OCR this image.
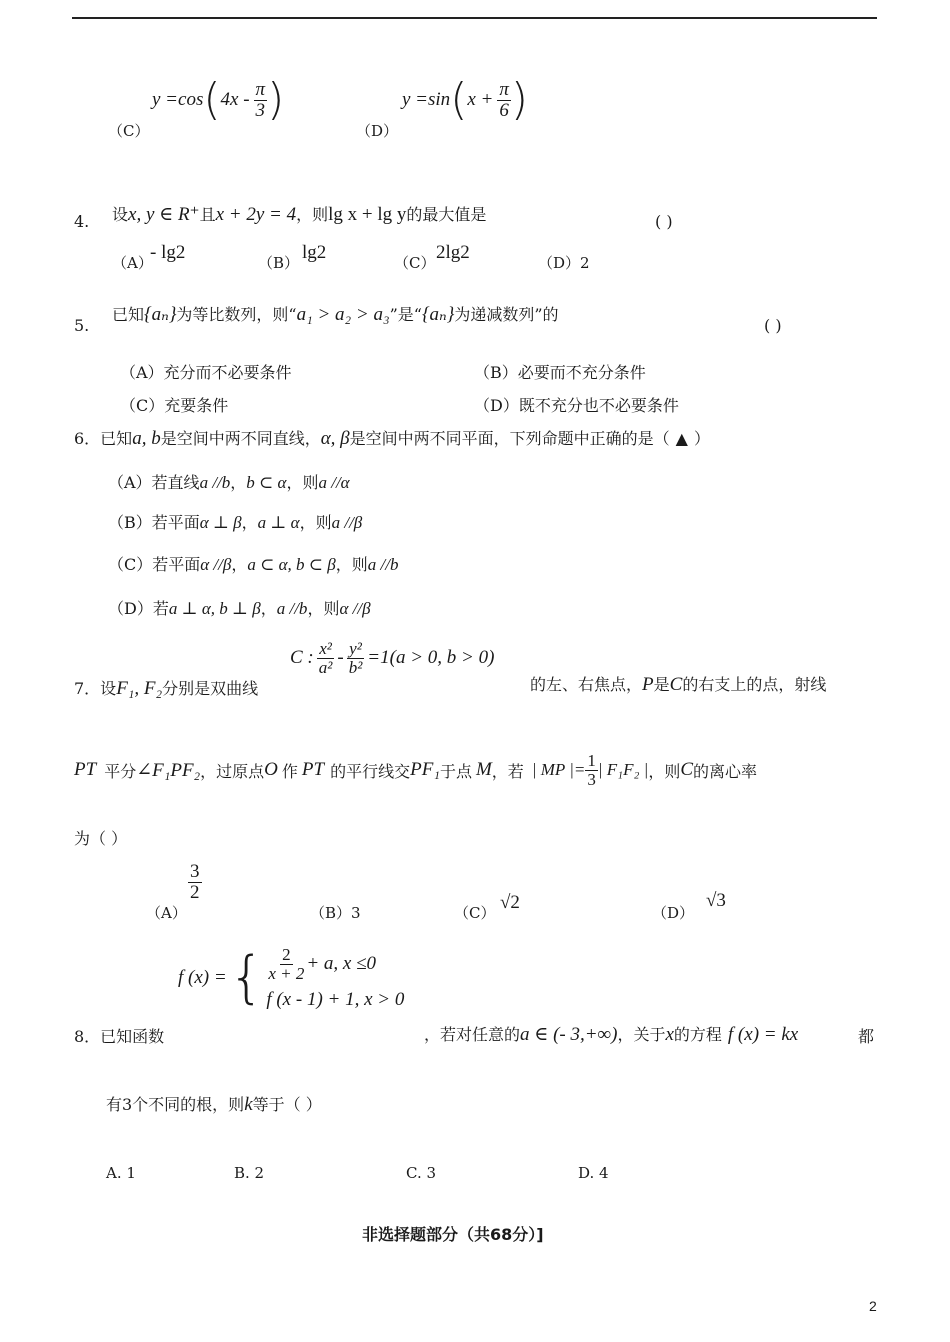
（C）
y =cos ( $4x - \frac{\pi}{3}$ )
（D）
y =sin ( $x + \frac{\pi}{6}$ )
4. 设 x, y ∈ R⁺ 且 x + 2y = 4 ，则 lg x + lg y 的最大值是	( )
（A）
- lg2	（B） lg2	（C） 2lg2	（D）2
5.
已知 {aₙ} 为等比数列，则“ a₁ > a₂ > a₃ ”是“ {aₙ} 为递减数列”的
( )
（A）充分而不必要条件	（B）必要而不充分条件
（C）充要条件	（D）既不充分也不必要条件
6．已知 a, b 是空间中两不同直线， α, β 是空间中两不同平面，下列命题中正确的是（ ▲ ）
（A）若直线 a //b ， b ⊂ α ，则 a //α
（B）若平面 α ⊥ β ， a ⊥ α ，则 a //β
（C）若平面 α //β ， a ⊂ α, b ⊂ β ，则 a //b
（D）若 a ⊥ α, b ⊥ β ， a //b ，则 α //β
7．设 F₁, F₂ 分别是双曲线
C : $\frac{\text{x²}}{\text{a²}} - \frac{\text{y²}}{\text{b²}} =1(a > 0$, b > 0)
的左、右焦点， P 是 C 的右支上的点，射线
PT 平分 ∠F₁PF₂ ，过原点 O 作 PT 的平行线交 PF₁ 于点 M ，若 | MP |= $\frac{1}{3}$ | F₁F₂ | ，则 C 的离心率
为（ ）
（A）
$\frac{3}{2}$
（B）3	（C） √2	（D）
√3
8．已知函数
f (x) = { $\frac{2}{x + 2} + a$, x ≤0
f (x - 1) + 1, x > 0
，若对任意的 a ∈ (- 3,+∞) ，关于 x 的方程 f (x) = kx	都
有3个不同的根，则 k 等于（ ）
A. 1	B. 2	C. 3	D. 4
非选择题部分（共68分）]
2
